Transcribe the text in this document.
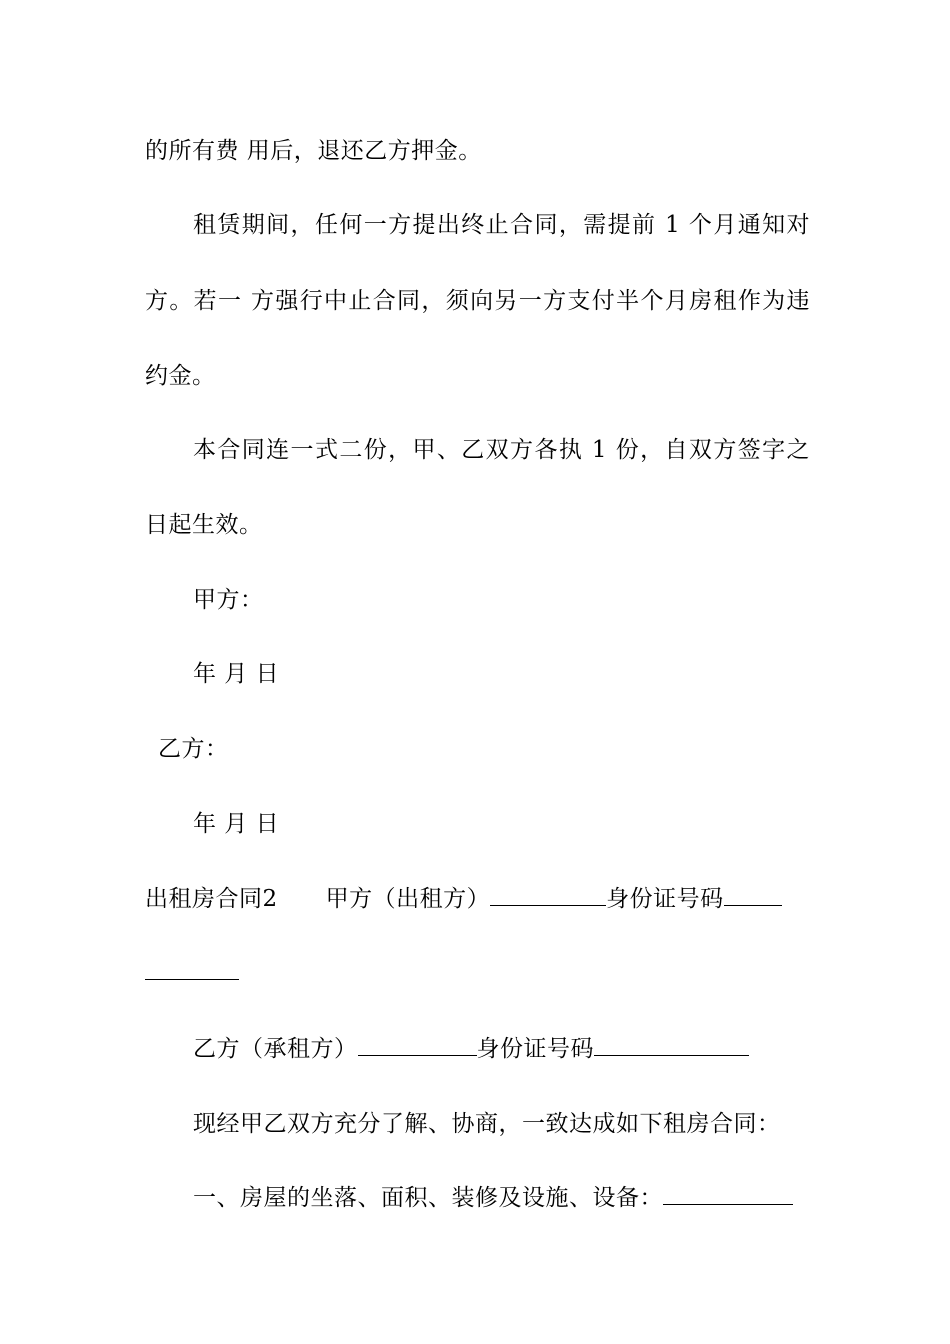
的所有费 用后，退还乙方押金。
租赁期间，任何一方提出终止合同，需提前 1 个月通知对
方。若一 方强行中止合同，须向另一方支付半个月房租作为违
约金。
本合同连一式二份，甲、乙双方各执 1 份，自双方签字之
日起生效。
甲方：
年 月 日
乙方：
年 月 日
出租房合同2 甲方（出租方）	身份证号码
乙方（承租方）	身份证号码
现经甲乙双方充分了解、协商，一致达成如下租房合同：
一、房屋的坐落、面积、装修及设施、设备：
